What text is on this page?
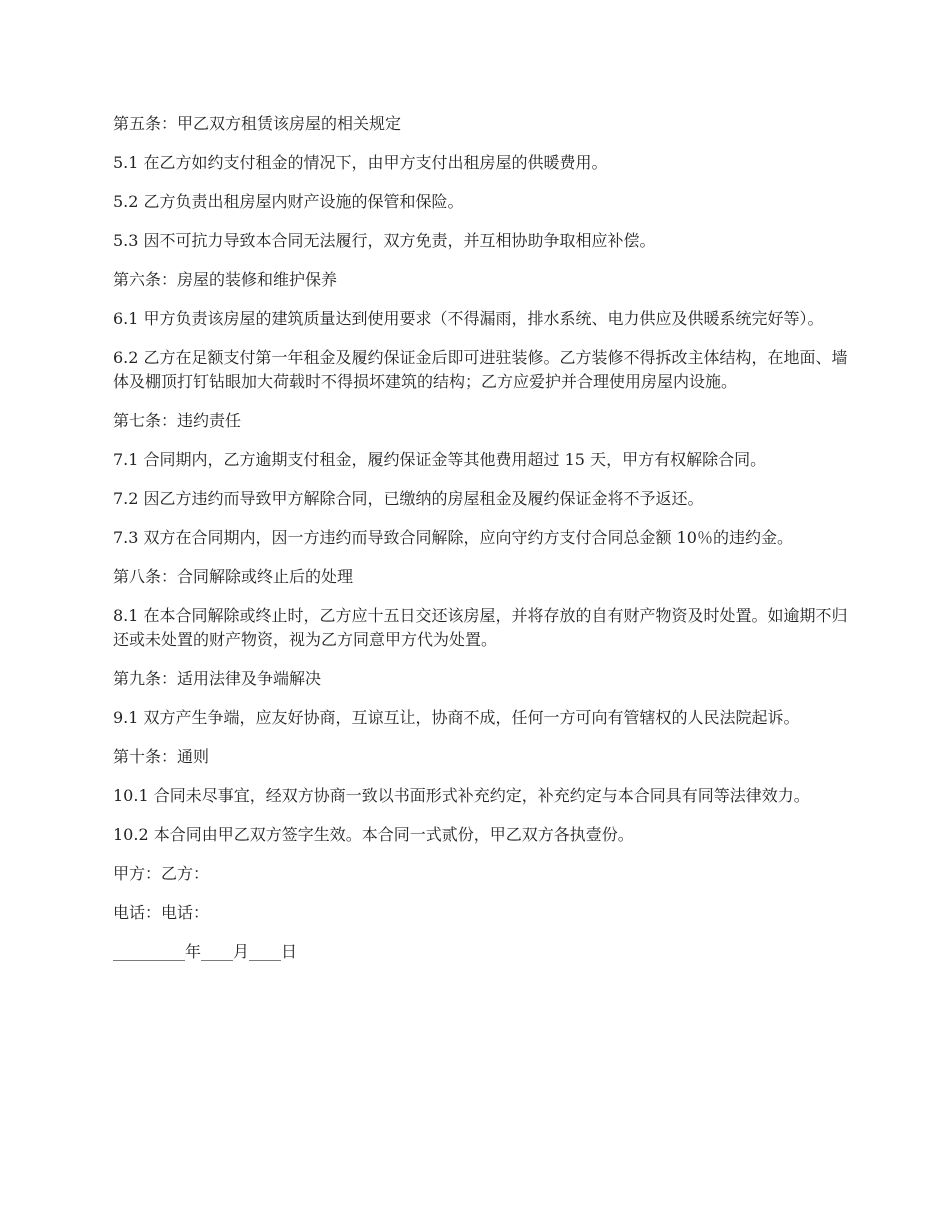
第五条：甲乙双方租赁该房屋的相关规定

5.1 在乙方如约支付租金的情况下，由甲方支付出租房屋的供暖费用。

5.2 乙方负责出租房屋内财产设施的保管和保险。

5.3 因不可抗力导致本合同无法履行，双方免责，并互相协助争取相应补偿。

第六条：房屋的装修和维护保养

6.1 甲方负责该房屋的建筑质量达到使用要求（不得漏雨，排水系统、电力供应及供暖系统完好等）。

6.2 乙方在足额支付第一年租金及履约保证金后即可进驻装修。乙方装修不得拆改主体结构，在地面、墙体及棚顶打钉钻眼加大荷载时不得损坏建筑的结构；乙方应爱护并合理使用房屋内设施。

第七条：违约责任

7.1 合同期内，乙方逾期支付租金，履约保证金等其他费用超过 15 天，甲方有权解除合同。

7.2 因乙方违约而导致甲方解除合同，已缴纳的房屋租金及履约保证金将不予返还。

7.3 双方在合同期内，因一方违约而导致合同解除，应向守约方支付合同总金额 10％的违约金。

第八条：合同解除或终止后的处理

8.1 在本合同解除或终止时，乙方应十五日交还该房屋，并将存放的自有财产物资及时处置。如逾期不归还或未处置的财产物资，视为乙方同意甲方代为处置。

第九条：适用法律及争端解决

9.1 双方产生争端，应友好协商，互谅互让，协商不成，任何一方可向有管辖权的人民法院起诉。

第十条：通则

10.1 合同未尽事宜，经双方协商一致以书面形式补充约定，补充约定与本合同具有同等法律效力。

10.2 本合同由甲乙双方签字生效。本合同一式贰份，甲乙双方各执壹份。

甲方：乙方：

电话：电话：

_________年____月____日
